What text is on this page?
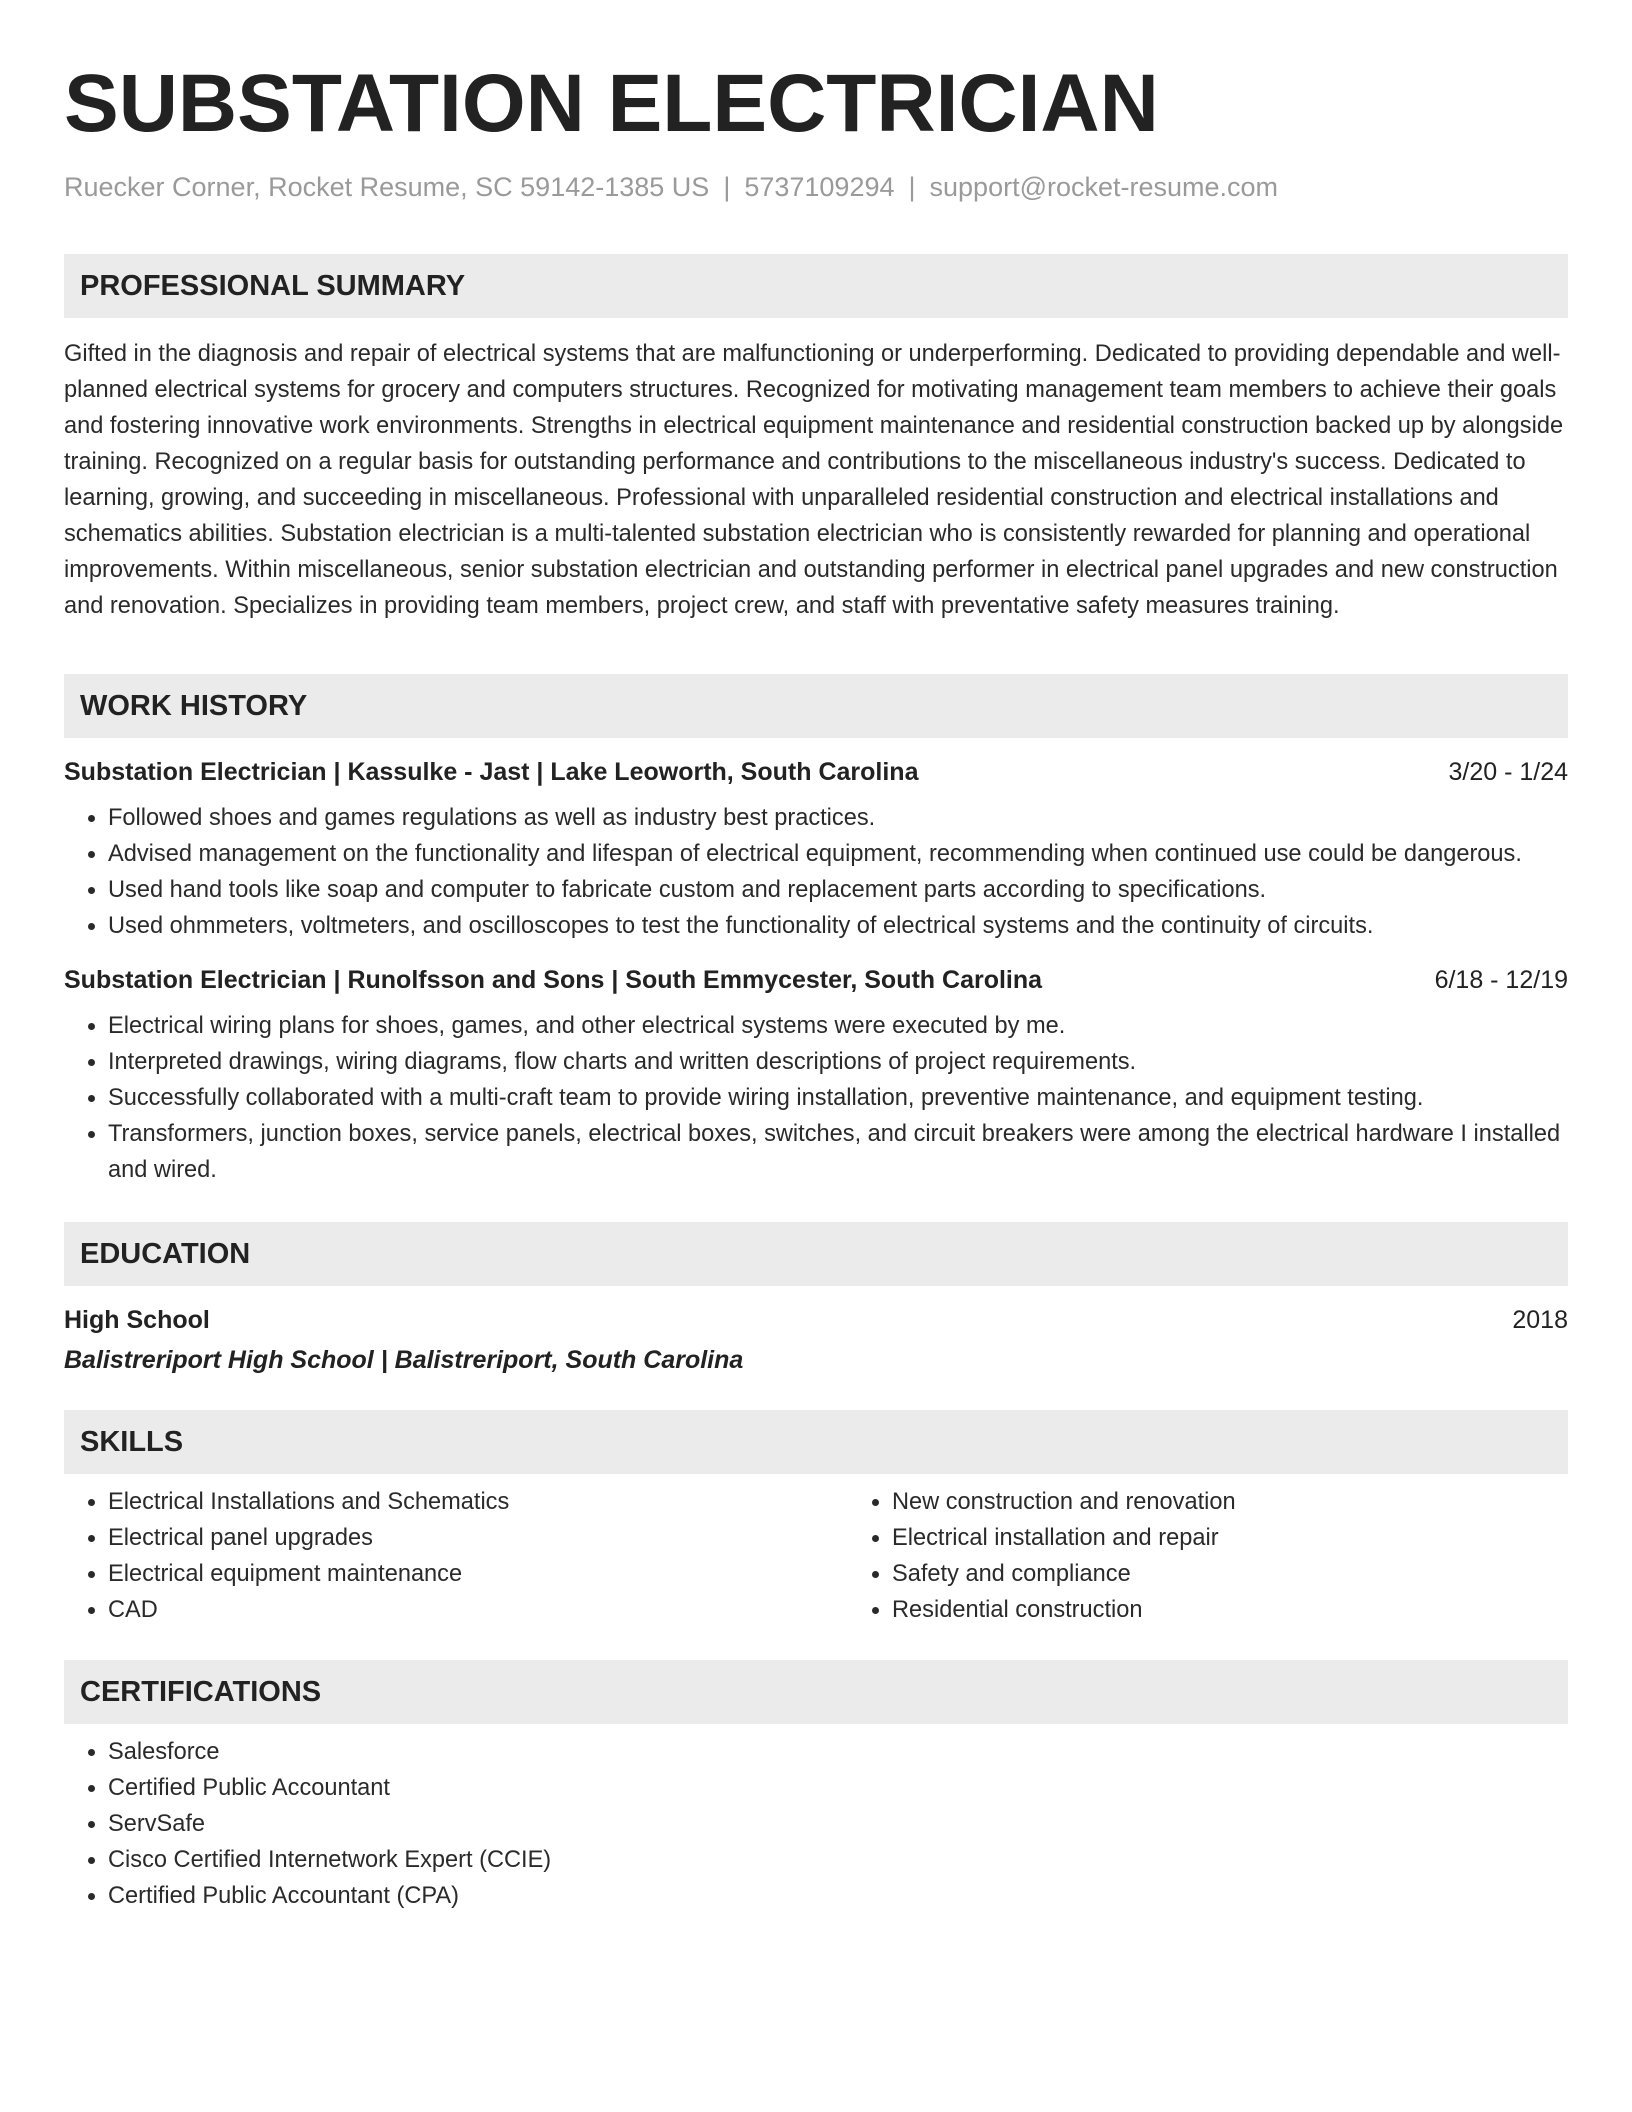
SUBSTATION ELECTRICIAN
Ruecker Corner, Rocket Resume, SC 59142-1385 US | 5737109294 | support@rocket-resume.com
PROFESSIONAL SUMMARY
Gifted in the diagnosis and repair of electrical systems that are malfunctioning or underperforming. Dedicated to providing dependable and well-planned electrical systems for grocery and computers structures. Recognized for motivating management team members to achieve their goals and fostering innovative work environments. Strengths in electrical equipment maintenance and residential construction backed up by alongside training. Recognized on a regular basis for outstanding performance and contributions to the miscellaneous industry's success. Dedicated to learning, growing, and succeeding in miscellaneous. Professional with unparalleled residential construction and electrical installations and schematics abilities. Substation electrician is a multi-talented substation electrician who is consistently rewarded for planning and operational improvements. Within miscellaneous, senior substation electrician and outstanding performer in electrical panel upgrades and new construction and renovation. Specializes in providing team members, project crew, and staff with preventative safety measures training.
WORK HISTORY
Substation Electrician | Kassulke - Jast | Lake Leoworth, South Carolina	3/20 - 1/24
• Followed shoes and games regulations as well as industry best practices.
• Advised management on the functionality and lifespan of electrical equipment, recommending when continued use could be dangerous.
• Used hand tools like soap and computer to fabricate custom and replacement parts according to specifications.
• Used ohmmeters, voltmeters, and oscilloscopes to test the functionality of electrical systems and the continuity of circuits.
Substation Electrician | Runolfsson and Sons | South Emmycester, South Carolina	6/18 - 12/19
• Electrical wiring plans for shoes, games, and other electrical systems were executed by me.
• Interpreted drawings, wiring diagrams, flow charts and written descriptions of project requirements.
• Successfully collaborated with a multi-craft team to provide wiring installation, preventive maintenance, and equipment testing.
• Transformers, junction boxes, service panels, electrical boxes, switches, and circuit breakers were among the electrical hardware I installed and wired.
EDUCATION
High School	2018
Balistreriport High School | Balistreriport, South Carolina
SKILLS
• Electrical Installations and Schematics
• Electrical panel upgrades
• Electrical equipment maintenance
• CAD
• New construction and renovation
• Electrical installation and repair
• Safety and compliance
• Residential construction
CERTIFICATIONS
• Salesforce
• Certified Public Accountant
• ServSafe
• Cisco Certified Internetwork Expert (CCIE)
• Certified Public Accountant (CPA)
